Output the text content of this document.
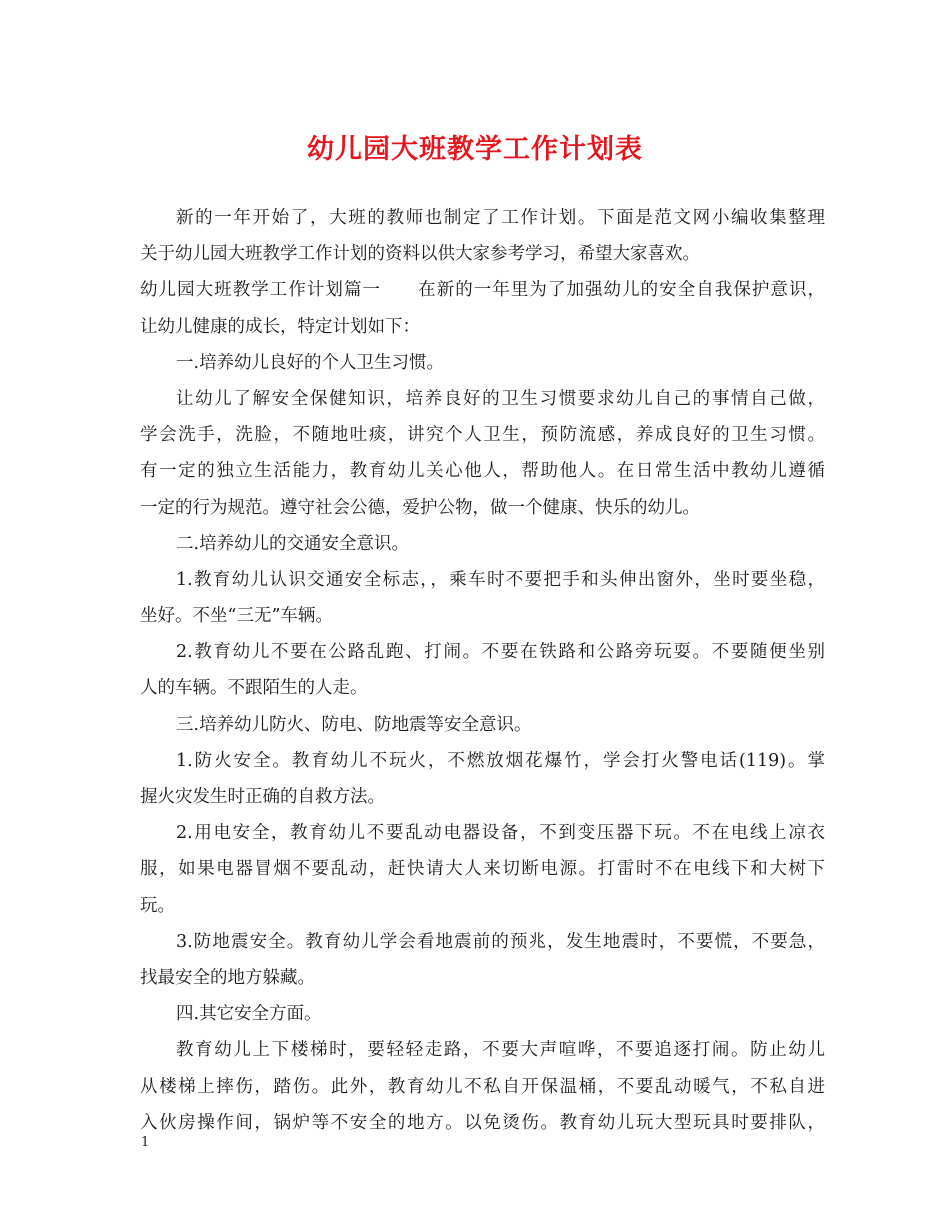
幼儿园大班教学工作计划表
新的一年开始了，大班的教师也制定了工作计划。下面是范文网小编收集整理
关于幼儿园大班教学工作计划的资料以供大家参考学习，希望大家喜欢。
幼儿园大班教学工作计划篇一　　在新的一年里为了加强幼儿的安全自我保护意识，
让幼儿健康的成长，特定计划如下：
一.培养幼儿良好的个人卫生习惯。
让幼儿了解安全保健知识，培养良好的卫生习惯要求幼儿自己的事情自己做，
学会洗手，洗脸，不随地吐痰，讲究个人卫生，预防流感，养成良好的卫生习惯。
有一定的独立生活能力，教育幼儿关心他人，帮助他人。在日常生活中教幼儿遵循
一定的行为规范。遵守社会公德，爱护公物，做一个健康、快乐的幼儿。
二.培养幼儿的交通安全意识。
1.教育幼儿认识交通安全标志，，乘车时不要把手和头伸出窗外，坐时要坐稳，
坐好。不坐“三无”车辆。
2.教育幼儿不要在公路乱跑、打闹。不要在铁路和公路旁玩耍。不要随便坐别
人的车辆。不跟陌生的人走。
三.培养幼儿防火、防电、防地震等安全意识。
1.防火安全。教育幼儿不玩火，不燃放烟花爆竹，学会打火警电话(119)。掌
握火灾发生时正确的自救方法。
2.用电安全，教育幼儿不要乱动电器设备，不到变压器下玩。不在电线上凉衣
服，如果电器冒烟不要乱动，赶快请大人来切断电源。打雷时不在电线下和大树下
玩。
3.防地震安全。教育幼儿学会看地震前的预兆，发生地震时，不要慌，不要急，
找最安全的地方躲藏。
四.其它安全方面。
教育幼儿上下楼梯时，要轻轻走路，不要大声喧哗，不要追逐打闹。防止幼儿
从楼梯上摔伤，踏伤。此外，教育幼儿不私自开保温桶，不要乱动暖气，不私自进
入伙房操作间，锅炉等不安全的地方。以免烫伤。教育幼儿玩大型玩具时要排队，
1
